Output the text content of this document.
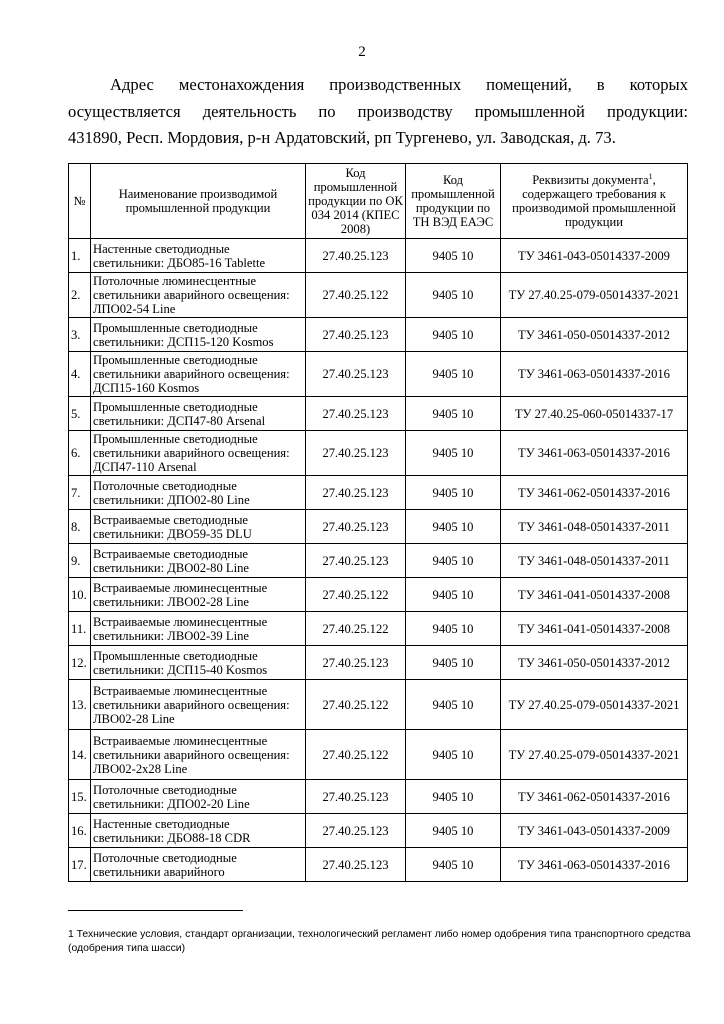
2
Адрес местонахождения производственных помещений, в которых
осуществляется деятельность по производству промышленной продукции:
431890, Респ. Мордовия, р-н Ардатовский, рп Тургенево, ул. Заводская, д. 73.
№	Наименование производимой промышленной продукции	Код промышленной продукции по ОК 034 2014 (КПЕС 2008)	Код промышленной продукции по ТН ВЭД ЕАЭС	Реквизиты документа$^1$, содержащего требования к производимой промышленной продукции
1.	Настенные светодиодные светильники: ДБО85-16 Tablette	27.40.25.123	9405 10	ТУ 3461-043-05014337-2009
2.	Потолочные люминесцентные светильники аварийного освещения: ЛПО02-54 Line	27.40.25.122	9405 10	ТУ 27.40.25-079-05014337-2021
3.	Промышленные светодиодные светильники: ДСП15-120 Kosmos	27.40.25.123	9405 10	ТУ 3461-050-05014337-2012
4.	Промышленные светодиодные светильники аварийного освещения: ДСП15-160 Kosmos	27.40.25.123	9405 10	ТУ 3461-063-05014337-2016
5.	Промышленные светодиодные светильники: ДСП47-80 Arsenal	27.40.25.123	9405 10	ТУ 27.40.25-060-05014337-17
6.	Промышленные светодиодные светильники аварийного освещения: ДСП47-110 Arsenal	27.40.25.123	9405 10	ТУ 3461-063-05014337-2016
7.	Потолочные светодиодные светильники: ДПО02-80 Line	27.40.25.123	9405 10	ТУ 3461-062-05014337-2016
8.	Встраиваемые светодиодные светильники: ДВО59-35 DLU	27.40.25.123	9405 10	ТУ 3461-048-05014337-2011
9.	Встраиваемые светодиодные светильники: ДВО02-80 Line	27.40.25.123	9405 10	ТУ 3461-048-05014337-2011
10.	Встраиваемые люминесцентные светильники: ЛВО02-28 Line	27.40.25.122	9405 10	ТУ 3461-041-05014337-2008
11.	Встраиваемые люминесцентные светильники: ЛВО02-39 Line	27.40.25.122	9405 10	ТУ 3461-041-05014337-2008
12.	Промышленные светодиодные светильники: ДСП15-40 Kosmos	27.40.25.123	9405 10	ТУ 3461-050-05014337-2012
13.	Встраиваемые люминесцентные светильники аварийного освещения: ЛВО02-28 Line	27.40.25.122	9405 10	ТУ 27.40.25-079-05014337-2021
14.	Встраиваемые люминесцентные светильники аварийного освещения: ЛВО02-2х28 Line	27.40.25.122	9405 10	ТУ 27.40.25-079-05014337-2021
15.	Потолочные светодиодные светильники: ДПО02-20 Line	27.40.25.123	9405 10	ТУ 3461-062-05014337-2016
16.	Настенные светодиодные светильники: ДБО88-18 CDR	27.40.25.123	9405 10	ТУ 3461-043-05014337-2009
17.	Потолочные светодиодные светильники аварийного	27.40.25.123	9405 10	ТУ 3461-063-05014337-2016
1 Технические условия, стандарт организации, технологический регламент либо номер одобрения типа транспортного средства (одобрения типа шасси)
